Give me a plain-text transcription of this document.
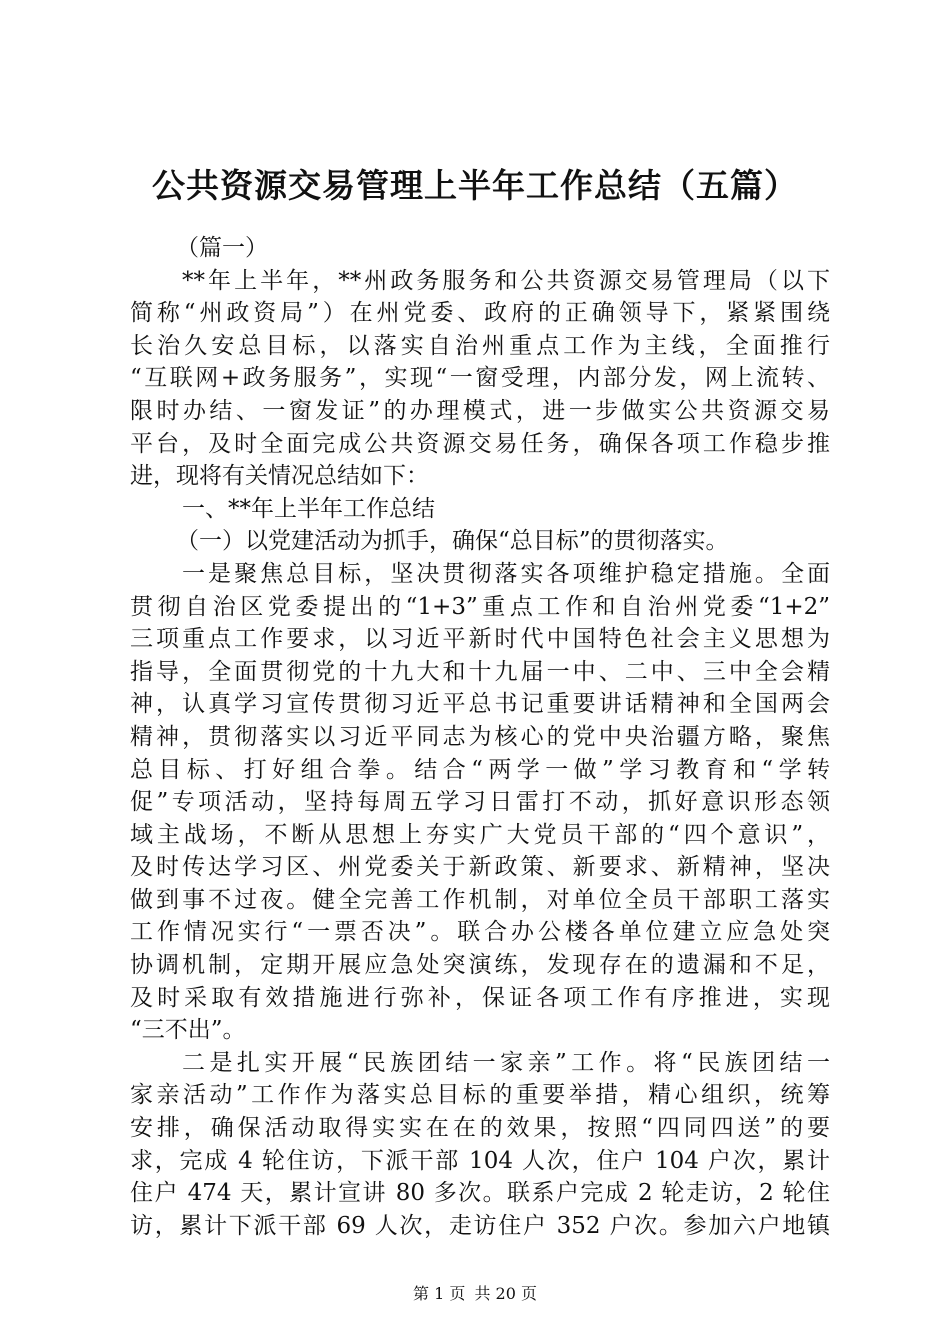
公共资源交易管理上半年工作总结（五篇）
（篇一）
**年上半年，**州政务服务和公共资源交易管理局（以下
简称“州政资局”）在州党委、政府的正确领导下，紧紧围绕
长治久安总目标，以落实自治州重点工作为主线，全面推行
“互联网+政务服务”，实现“一窗受理，内部分发，网上流转、
限时办结、一窗发证”的办理模式，进一步做实公共资源交易
平台，及时全面完成公共资源交易任务，确保各项工作稳步推
进，现将有关情况总结如下：
一、**年上半年工作总结
（一）以党建活动为抓手，确保“总目标”的贯彻落实。
一是聚焦总目标，坚决贯彻落实各项维护稳定措施。全面
贯彻自治区党委提出的“1+3”重点工作和自治州党委“1+2”
三项重点工作要求，以习近平新时代中国特色社会主义思想为
指导，全面贯彻党的十九大和十九届一中、二中、三中全会精
神，认真学习宣传贯彻习近平总书记重要讲话精神和全国两会
精神，贯彻落实以习近平同志为核心的党中央治疆方略，聚焦
总目标、打好组合拳。结合“两学一做”学习教育和“学转
促”专项活动，坚持每周五学习日雷打不动，抓好意识形态领
域主战场，不断从思想上夯实广大党员干部的“四个意识”，
及时传达学习区、州党委关于新政策、新要求、新精神，坚决
做到事不过夜。健全完善工作机制，对单位全员干部职工落实
工作情况实行“一票否决”。联合办公楼各单位建立应急处突
协调机制，定期开展应急处突演练，发现存在的遗漏和不足，
及时采取有效措施进行弥补，保证各项工作有序推进，实现
“三不出”。
二是扎实开展“民族团结一家亲”工作。将“民族团结一
家亲活动”工作作为落实总目标的重要举措，精心组织，统筹
安排，确保活动取得实实在在的效果，按照“四同四送”的要
求，完成 4 轮住访，下派干部 104 人次，住户 104 户次，累计
住户 474 天，累计宣讲 80 多次。联系户完成 2 轮走访，2 轮住
访，累计下派干部 69 人次，走访住户 352 户次。参加六户地镇
第 1 页 共 20 页
